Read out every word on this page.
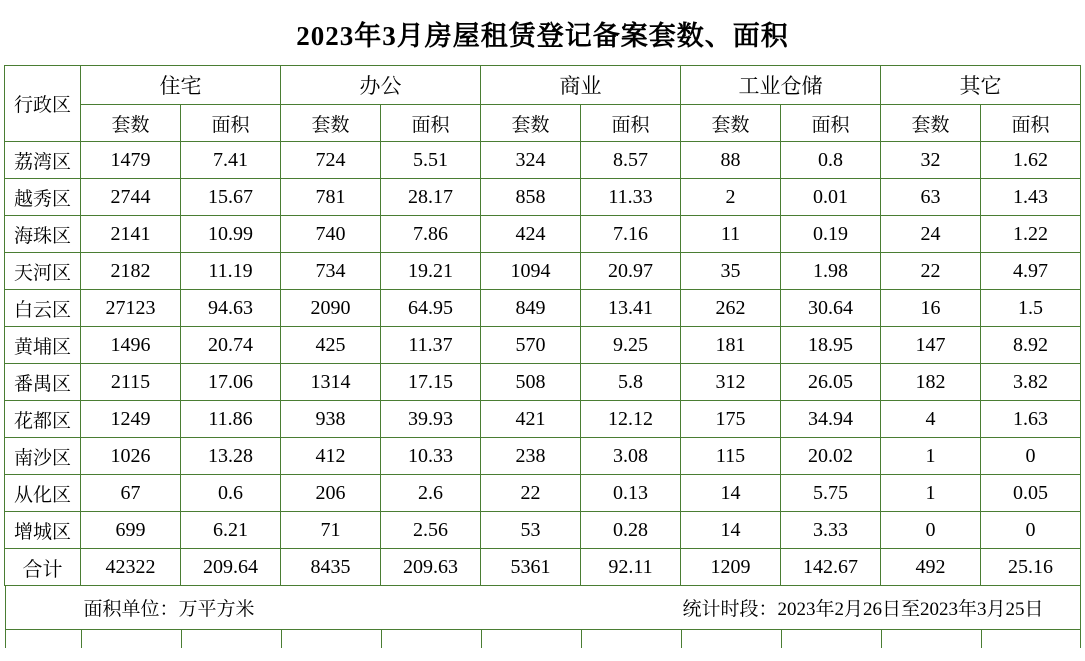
2023年3月房屋租赁登记备案套数、面积
行政区	住宅		办公		商业		工业仓储		其它	
	套数	面积	套数	面积	套数	面积	套数	面积	套数	面积
荔湾区	1479	7.41	724	5.51	324	8.57	88	0.8	32	1.62
越秀区	2744	15.67	781	28.17	858	11.33	2	0.01	63	1.43
海珠区	2141	10.99	740	7.86	424	7.16	11	0.19	24	1.22
天河区	2182	11.19	734	19.21	1094	20.97	35	1.98	22	4.97
白云区	27123	94.63	2090	64.95	849	13.41	262	30.64	16	1.5
黄埔区	1496	20.74	425	11.37	570	9.25	181	18.95	147	8.92
番禺区	2115	17.06	1314	17.15	508	5.8	312	26.05	182	3.82
花都区	1249	11.86	938	39.93	421	12.12	175	34.94	4	1.63
南沙区	1026	13.28	412	10.33	238	3.08	115	20.02	1	0
从化区	67	0.6	206	2.6	22	0.13	14	5.75	1	0.05
增城区	699	6.21	71	2.56	53	0.28	14	3.33	0	0
合计	42322	209.64	8435	209.63	5361	92.11	1209	142.67	492	25.16
面积单位：万平方米	统计时段：2023年2月26日至2023年3月25日
